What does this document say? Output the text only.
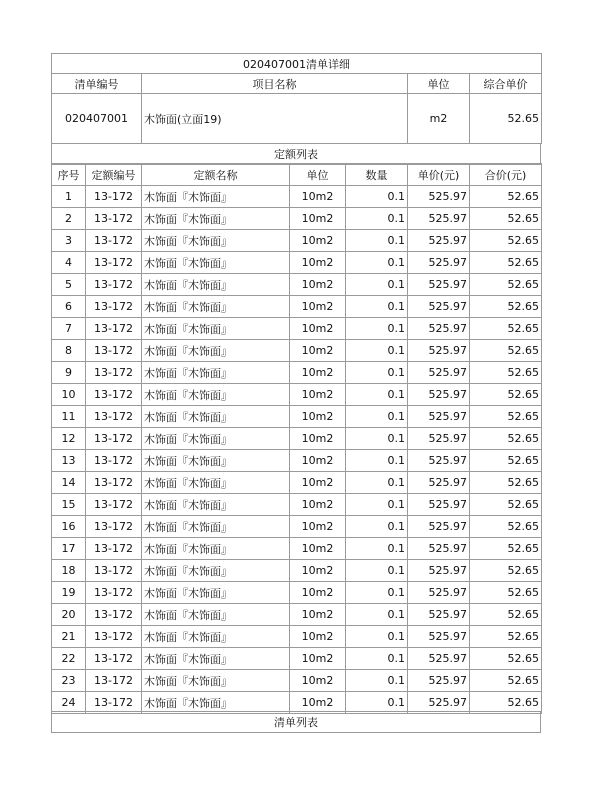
020407001清单详细			
清单编号	项目名称	单位	综合单价
020407001	木饰面(立面19)	m2	52.65
定额列表
序号	定额编号	定额名称	单位	数量	单价(元)	合价(元)
1	13-172	木饰面『木饰面』	10m2	0.1	525.97	52.65
2	13-172	木饰面『木饰面』	10m2	0.1	525.97	52.65
3	13-172	木饰面『木饰面』	10m2	0.1	525.97	52.65
4	13-172	木饰面『木饰面』	10m2	0.1	525.97	52.65
5	13-172	木饰面『木饰面』	10m2	0.1	525.97	52.65
6	13-172	木饰面『木饰面』	10m2	0.1	525.97	52.65
7	13-172	木饰面『木饰面』	10m2	0.1	525.97	52.65
8	13-172	木饰面『木饰面』	10m2	0.1	525.97	52.65
9	13-172	木饰面『木饰面』	10m2	0.1	525.97	52.65
10	13-172	木饰面『木饰面』	10m2	0.1	525.97	52.65
11	13-172	木饰面『木饰面』	10m2	0.1	525.97	52.65
12	13-172	木饰面『木饰面』	10m2	0.1	525.97	52.65
13	13-172	木饰面『木饰面』	10m2	0.1	525.97	52.65
14	13-172	木饰面『木饰面』	10m2	0.1	525.97	52.65
15	13-172	木饰面『木饰面』	10m2	0.1	525.97	52.65
16	13-172	木饰面『木饰面』	10m2	0.1	525.97	52.65
17	13-172	木饰面『木饰面』	10m2	0.1	525.97	52.65
18	13-172	木饰面『木饰面』	10m2	0.1	525.97	52.65
19	13-172	木饰面『木饰面』	10m2	0.1	525.97	52.65
20	13-172	木饰面『木饰面』	10m2	0.1	525.97	52.65
21	13-172	木饰面『木饰面』	10m2	0.1	525.97	52.65
22	13-172	木饰面『木饰面』	10m2	0.1	525.97	52.65
23	13-172	木饰面『木饰面』	10m2	0.1	525.97	52.65
24	13-172	木饰面『木饰面』	10m2	0.1	525.97	52.65
清单列表
